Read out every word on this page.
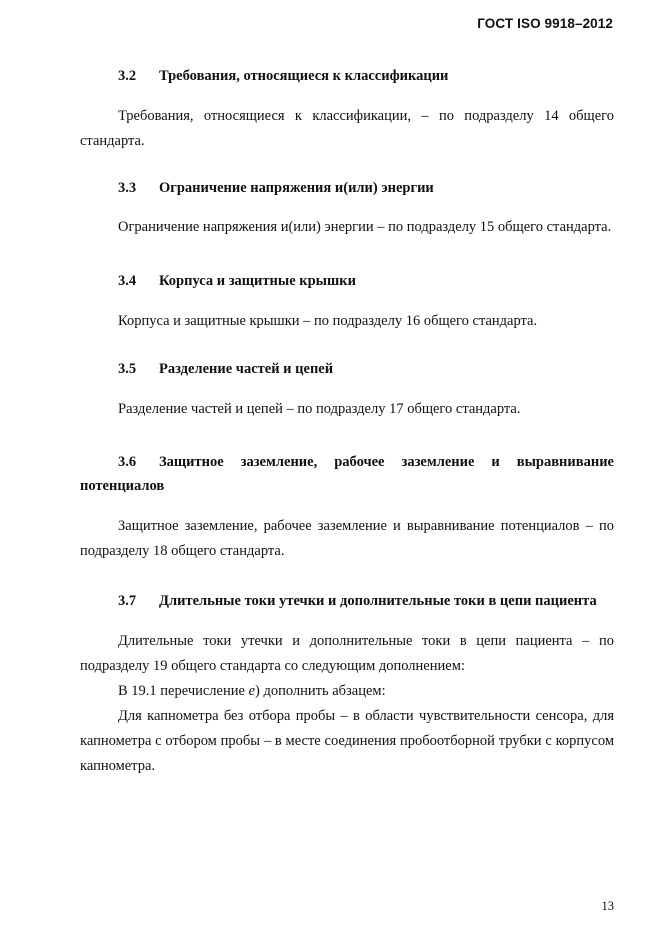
ГОСТ ISO 9918–2012
3.2 Требования, относящиеся к классификации

Требования, относящиеся к классификации, – по подразделу 14 общего стандарта.

3.3 Ограничение напряжения и(или) энергии

Ограничение напряжения и(или) энергии – по подразделу 15 общего стандарта.

3.4 Корпуса и защитные крышки

Корпуса и защитные крышки – по подразделу 16 общего стандарта.

3.5 Разделение частей и цепей

Разделение частей и цепей – по подразделу 17 общего стандарта.

3.6 Защитное заземление, рабочее заземление и выравнивание потенциалов

Защитное заземление, рабочее заземление и выравнивание потенциалов – по подразделу 18 общего стандарта.

3.7 Длительные токи утечки и дополнительные токи в цепи пациента

Длительные токи утечки и дополнительные токи в цепи пациента – по подразделу 19 общего стандарта со следующим дополнением:

В 19.1 перечисление е) дополнить абзацем:

Для капнометра без отбора пробы – в области чувствительности сенсора, для капнометра с отбором пробы – в месте соединения пробоотборной трубки с корпусом капнометра.

13
